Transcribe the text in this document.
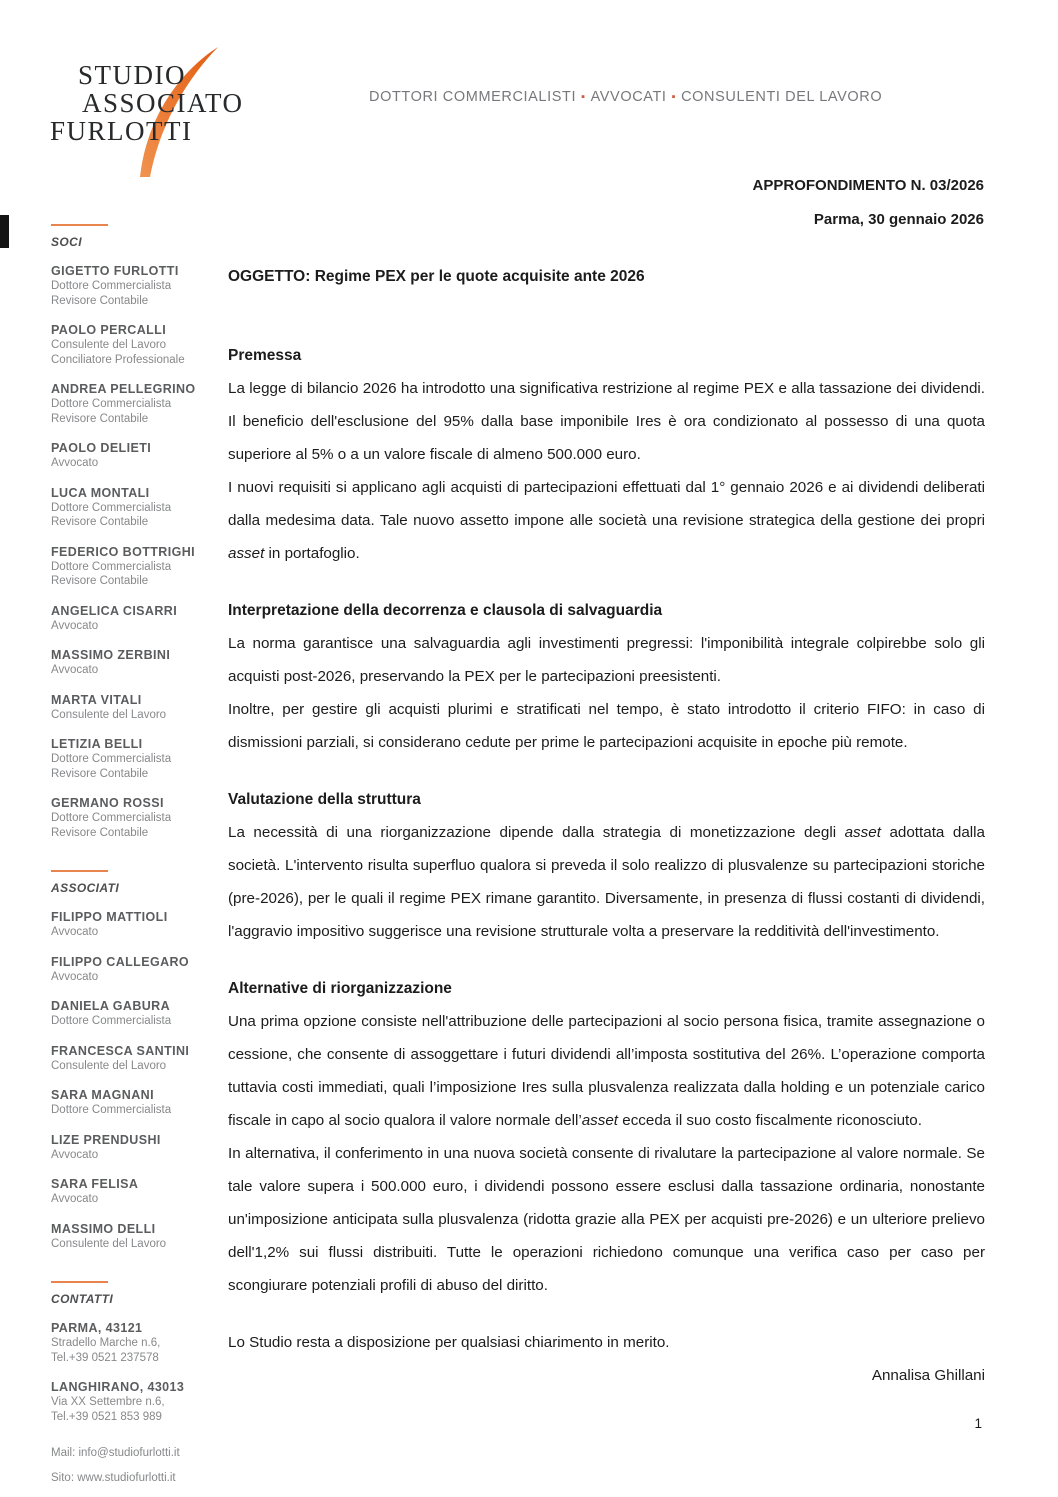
STUDIO
ASSOCIATO
FURLOTTI
DOTTORI COMMERCIALISTI ▪ AVVOCATI ▪ CONSULENTI DEL LAVORO
APPROFONDIMENTO N. 03/2026
Parma, 30 gennaio 2026
SOCI
GIGETTO FURLOTTI
Dottore Commercialista
Revisore Contabile
PAOLO PERCALLI
Consulente del Lavoro
Conciliatore Professionale
ANDREA PELLEGRINO
Dottore Commercialista
Revisore Contabile
PAOLO DELIETI
Avvocato
LUCA MONTALI
Dottore Commercialista
Revisore Contabile
FEDERICO BOTTRIGHI
Dottore Commercialista
Revisore Contabile
ANGELICA CISARRI
Avvocato
MASSIMO ZERBINI
Avvocato
MARTA VITALI
Consulente del Lavoro
LETIZIA BELLI
Dottore Commercialista
Revisore Contabile
GERMANO ROSSI
Dottore Commercialista
Revisore Contabile
ASSOCIATI
FILIPPO MATTIOLI
Avvocato
FILIPPO CALLEGARO
Avvocato
DANIELA GABURA
Dottore Commercialista
FRANCESCA SANTINI
Consulente del Lavoro
SARA MAGNANI
Dottore Commercialista
LIZE PRENDUSHI
Avvocato
SARA FELISA
Avvocato
MASSIMO DELLI
Consulente del Lavoro
CONTATTI
PARMA, 43121
Stradello Marche n.6,
Tel.+39 0521 237578
LANGHIRANO, 43013
Via XX Settembre n.6,
Tel.+39 0521 853 989
Mail: info@studiofurlotti.it
Sito: www.studiofurlotti.it
OGGETTO: Regime PEX per le quote acquisite ante 2026
Premessa

La legge di bilancio 2026 ha introdotto una significativa restrizione al regime PEX e alla tassazione dei dividendi. Il beneficio dell'esclusione del 95% dalla base imponibile Ires è ora condizionato al possesso di una quota superiore al 5% o a un valore fiscale di almeno 500.000 euro.

I nuovi requisiti si applicano agli acquisti di partecipazioni effettuati dal 1° gennaio 2026 e ai dividendi deliberati dalla medesima data. Tale nuovo assetto impone alle società una revisione strategica della gestione dei propri asset in portafoglio.

Interpretazione della decorrenza e clausola di salvaguardia

La norma garantisce una salvaguardia agli investimenti pregressi: l'imponibilità integrale colpirebbe solo gli acquisti post-2026, preservando la PEX per le partecipazioni preesistenti.

Inoltre, per gestire gli acquisti plurimi e stratificati nel tempo, è stato introdotto il criterio FIFO: in caso di dismissioni parziali, si considerano cedute per prime le partecipazioni acquisite in epoche più remote.

Valutazione della struttura

La necessità di una riorganizzazione dipende dalla strategia di monetizzazione degli asset adottata dalla società. L'intervento risulta superfluo qualora si preveda il solo realizzo di plusvalenze su partecipazioni storiche (pre-2026), per le quali il regime PEX rimane garantito. Diversamente, in presenza di flussi costanti di dividendi, l'aggravio impositivo suggerisce una revisione strutturale volta a preservare la redditività dell'investimento.

Alternative di riorganizzazione

Una prima opzione consiste nell'attribuzione delle partecipazioni al socio persona fisica, tramite assegnazione o cessione, che consente di assoggettare i futuri dividendi all’imposta sostitutiva del 26%. L’operazione comporta tuttavia costi immediati, quali l’imposizione Ires sulla plusvalenza realizzata dalla holding e un potenziale carico fiscale in capo al socio qualora il valore normale dell’asset ecceda il suo costo fiscalmente riconosciuto.

In alternativa, il conferimento in una nuova società consente di rivalutare la partecipazione al valore normale. Se tale valore supera i 500.000 euro, i dividendi possono essere esclusi dalla tassazione ordinaria, nonostante un'imposizione anticipata sulla plusvalenza (ridotta grazie alla PEX per acquisti pre-2026) e un ulteriore prelievo dell'1,2% sui flussi distribuiti. Tutte le operazioni richiedono comunque una verifica caso per caso per scongiurare potenziali profili di abuso del diritto.

Lo Studio resta a disposizione per qualsiasi chiarimento in merito.
Annalisa Ghillani
1
